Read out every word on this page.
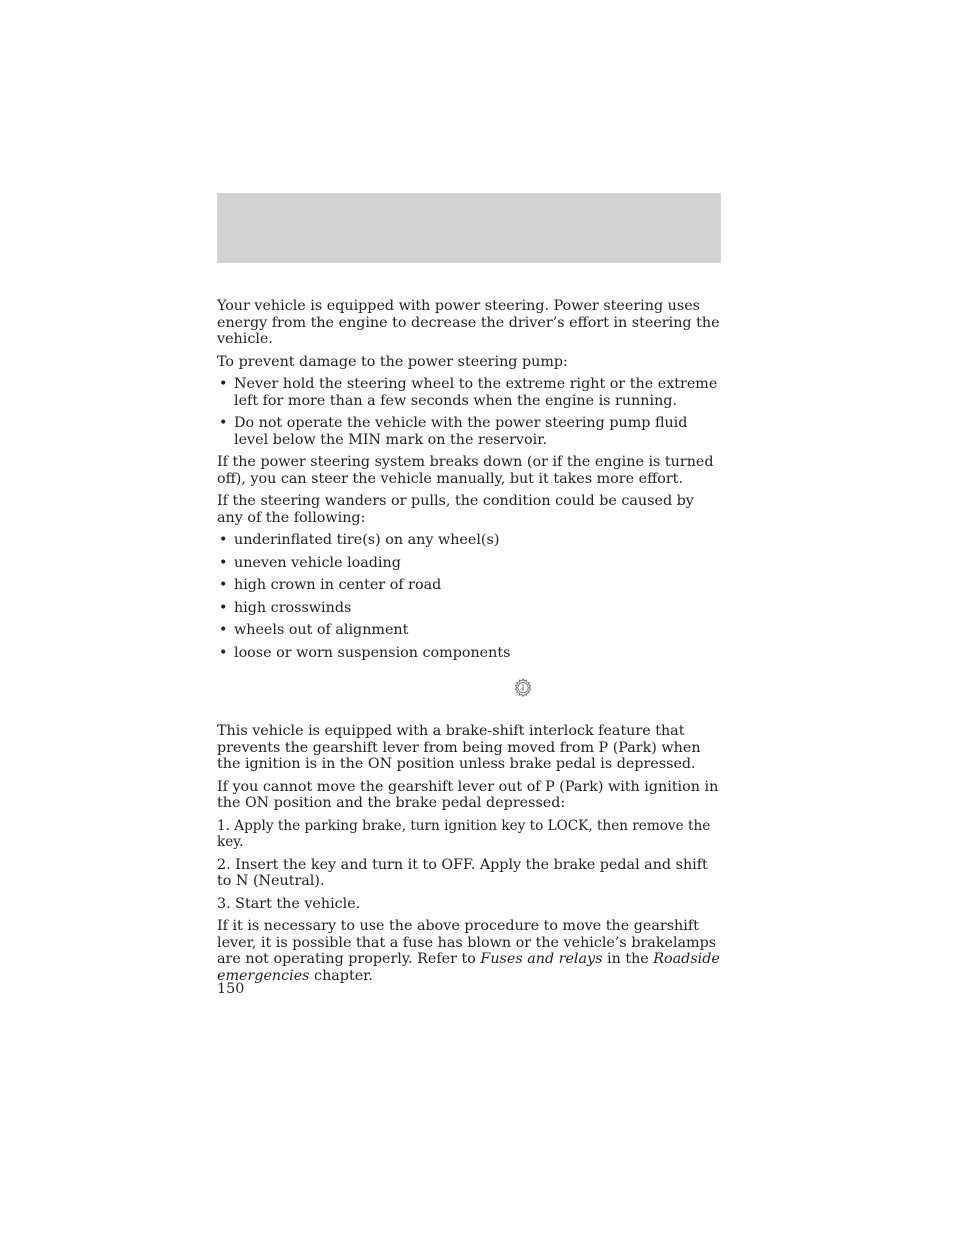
Your vehicle is equipped with power steering. Power steering uses energy from the engine to decrease the driver’s effort in steering the vehicle.

To prevent damage to the power steering pump:

• Never hold the steering wheel to the extreme right or the extreme left for more than a few seconds when the engine is running.
• Do not operate the vehicle with the power steering pump fluid level below the MIN mark on the reservoir.

If the power steering system breaks down (or if the engine is turned off), you can steer the vehicle manually, but it takes more effort.

If the steering wanders or pulls, the condition could be caused by any of the following:

• underinflated tire(s) on any wheel(s)
• uneven vehicle loading
• high crown in center of road
• high crosswinds
• wheels out of alignment
• loose or worn suspension components

This vehicle is equipped with a brake-shift interlock feature that prevents the gearshift lever from being moved from P (Park) when the ignition is in the ON position unless brake pedal is depressed.

If you cannot move the gearshift lever out of P (Park) with ignition in the ON position and the brake pedal depressed:

1. Apply the parking brake, turn ignition key to LOCK, then remove the key.
2. Insert the key and turn it to OFF. Apply the brake pedal and shift to N (Neutral).
3. Start the vehicle.

If it is necessary to use the above procedure to move the gearshift lever, it is possible that a fuse has blown or the vehicle’s brakelamps are not operating properly. Refer to Fuses and relays in the Roadside emergencies chapter.

150
